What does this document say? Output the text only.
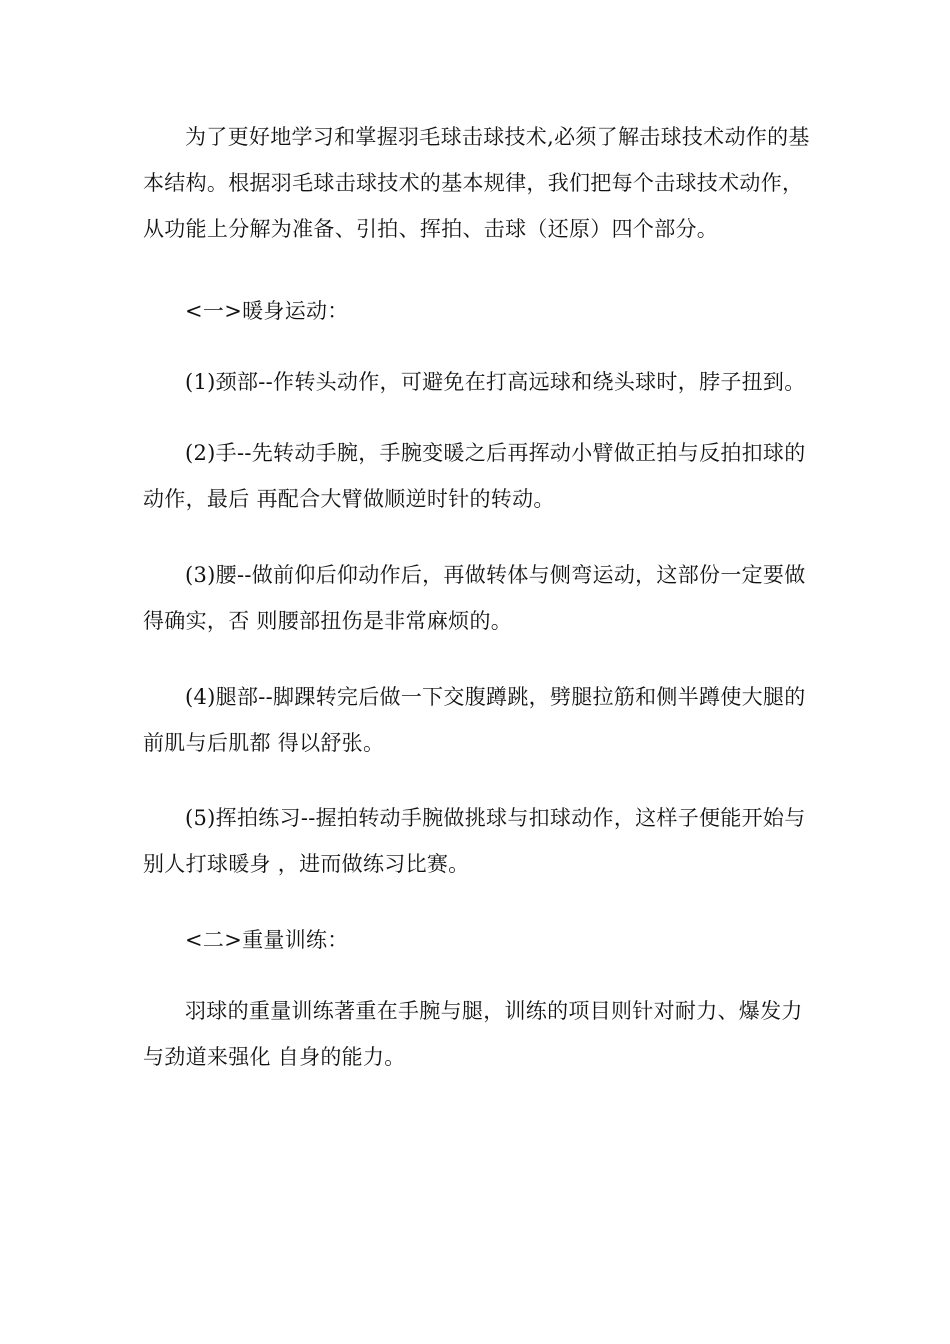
为了更好地学习和掌握羽毛球击球技术,必须了解击球技术动作的基
本结构。根据羽毛球击球技术的基本规律，我们把每个击球技术动作，
从功能上分解为准备、引拍、挥拍、击球（还原）四个部分。
<一>暖身运动：
(1)颈部--作转头动作，可避免在打高远球和绕头球时，脖子扭到。
(2)手--先转动手腕，手腕变暖之后再挥动小臂做正拍与反拍扣球的
动作，最后 再配合大臂做顺逆时针的转动。
(3)腰--做前仰后仰动作后，再做转体与侧弯运动，这部份一定要做
得确实，否 则腰部扭伤是非常麻烦的。
(4)腿部--脚踝转完后做一下交腹蹲跳，劈腿拉筋和侧半蹲使大腿的
前肌与后肌都 得以舒张。
(5)挥拍练习--握拍转动手腕做挑球与扣球动作，这样子便能开始与
别人打球暖身 ，进而做练习比赛。
<二>重量训练：
羽球的重量训练著重在手腕与腿，训练的项目则针对耐力、爆发力
与劲道来强化 自身的能力。
